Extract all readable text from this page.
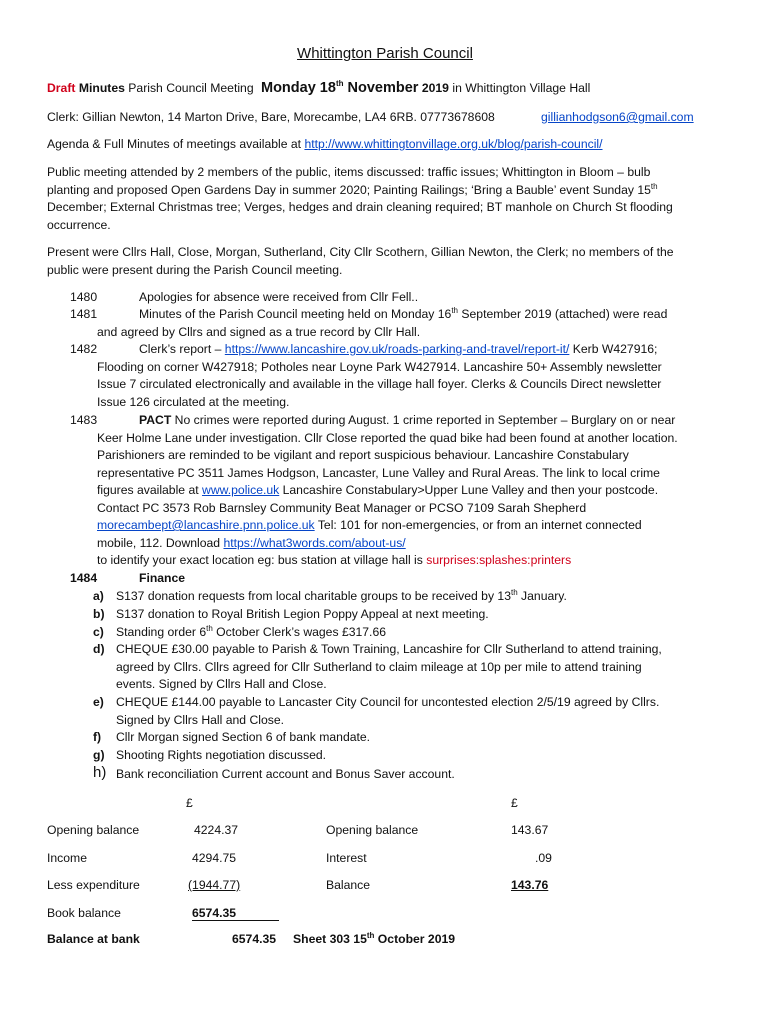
Whittington Parish Council
Draft Minutes Parish Council Meeting Monday 18th November 2019 in Whittington Village Hall
Clerk: Gillian Newton, 14 Marton Drive, Bare, Morecambe, LA4 6RB. 07773678608	gillianhodgson6@gmail.com
Agenda & Full Minutes of meetings available at http://www.whittingtonvillage.org.uk/blog/parish-council/
Public meeting attended by 2 members of the public, items discussed: traffic issues; Whittington in Bloom – bulb
planting and proposed Open Gardens Day in summer 2020; Painting Railings; ‘Bring a Bauble’ event Sunday 15th
December; External Christmas tree; Verges, hedges and drain cleaning required; BT manhole on Church St flooding
occurrence.
Present were Cllrs Hall, Close, Morgan, Sutherland, City Cllr Scothern, Gillian Newton, the Clerk; no members of the
public were present during the Parish Council meeting.
1480	Apologies for absence were received from Cllr Fell..
1481	Minutes of the Parish Council meeting held on Monday 16th September 2019 (attached) were read
and agreed by Cllrs and signed as a true record by Cllr Hall.
1482	Clerk’s report – https://www.lancashire.gov.uk/roads-parking-and-travel/report-it/ Kerb W427916;
Flooding on corner W427918; Potholes near Loyne Park W427914. Lancashire 50+ Assembly newsletter
Issue 7 circulated electronically and available in the village hall foyer. Clerks & Councils Direct newsletter
Issue 126 circulated at the meeting.
1483	PACT No crimes were reported during August. 1 crime reported in September – Burglary on or near
Keer Holme Lane under investigation. Cllr Close reported the quad bike had been found at another location.
Parishioners are reminded to be vigilant and report suspicious behaviour. Lancashire Constabulary
representative PC 3511 James Hodgson, Lancaster, Lune Valley and Rural Areas. The link to local crime
figures available at www.police.uk Lancashire Constabulary>Upper Lune Valley and then your postcode.
Contact PC 3573 Rob Barnsley Community Beat Manager or PCSO 7109 Sarah Shepherd
morecambept@lancashire.pnn.police.uk Tel: 101 for non-emergencies, or from an internet connected
mobile, 112. Download https://what3words.com/about-us/
to identify your exact location eg: bus station at village hall is surprises:splashes:printers
1484	Finance
a) S137 donation requests from local charitable groups to be received by 13th January.
b) S137 donation to Royal British Legion Poppy Appeal at next meeting.
c) Standing order 6th October Clerk’s wages £317.66
d) CHEQUE £30.00 payable to Parish & Town Training, Lancashire for Cllr Sutherland to attend training,
agreed by Cllrs. Cllrs agreed for Cllr Sutherland to claim mileage at 10p per mile to attend training
events. Signed by Cllrs Hall and Close.
e) CHEQUE £144.00 payable to Lancaster City Council for uncontested election 2/5/19 agreed by Cllrs.
Signed by Cllrs Hall and Close.
f) Cllr Morgan signed Section 6 of bank mandate.
g) Shooting Rights negotiation discussed.
h) Bank reconciliation Current account and Bonus Saver account.
£	£
Opening balance	4224.37	Opening balance	143.67
Income	4294.75	Interest	.09
Less expenditure	(1944.77)	Balance	143.76
Book balance	6574.35
Balance at bank	6574.35 Sheet 303 15th October 2019
